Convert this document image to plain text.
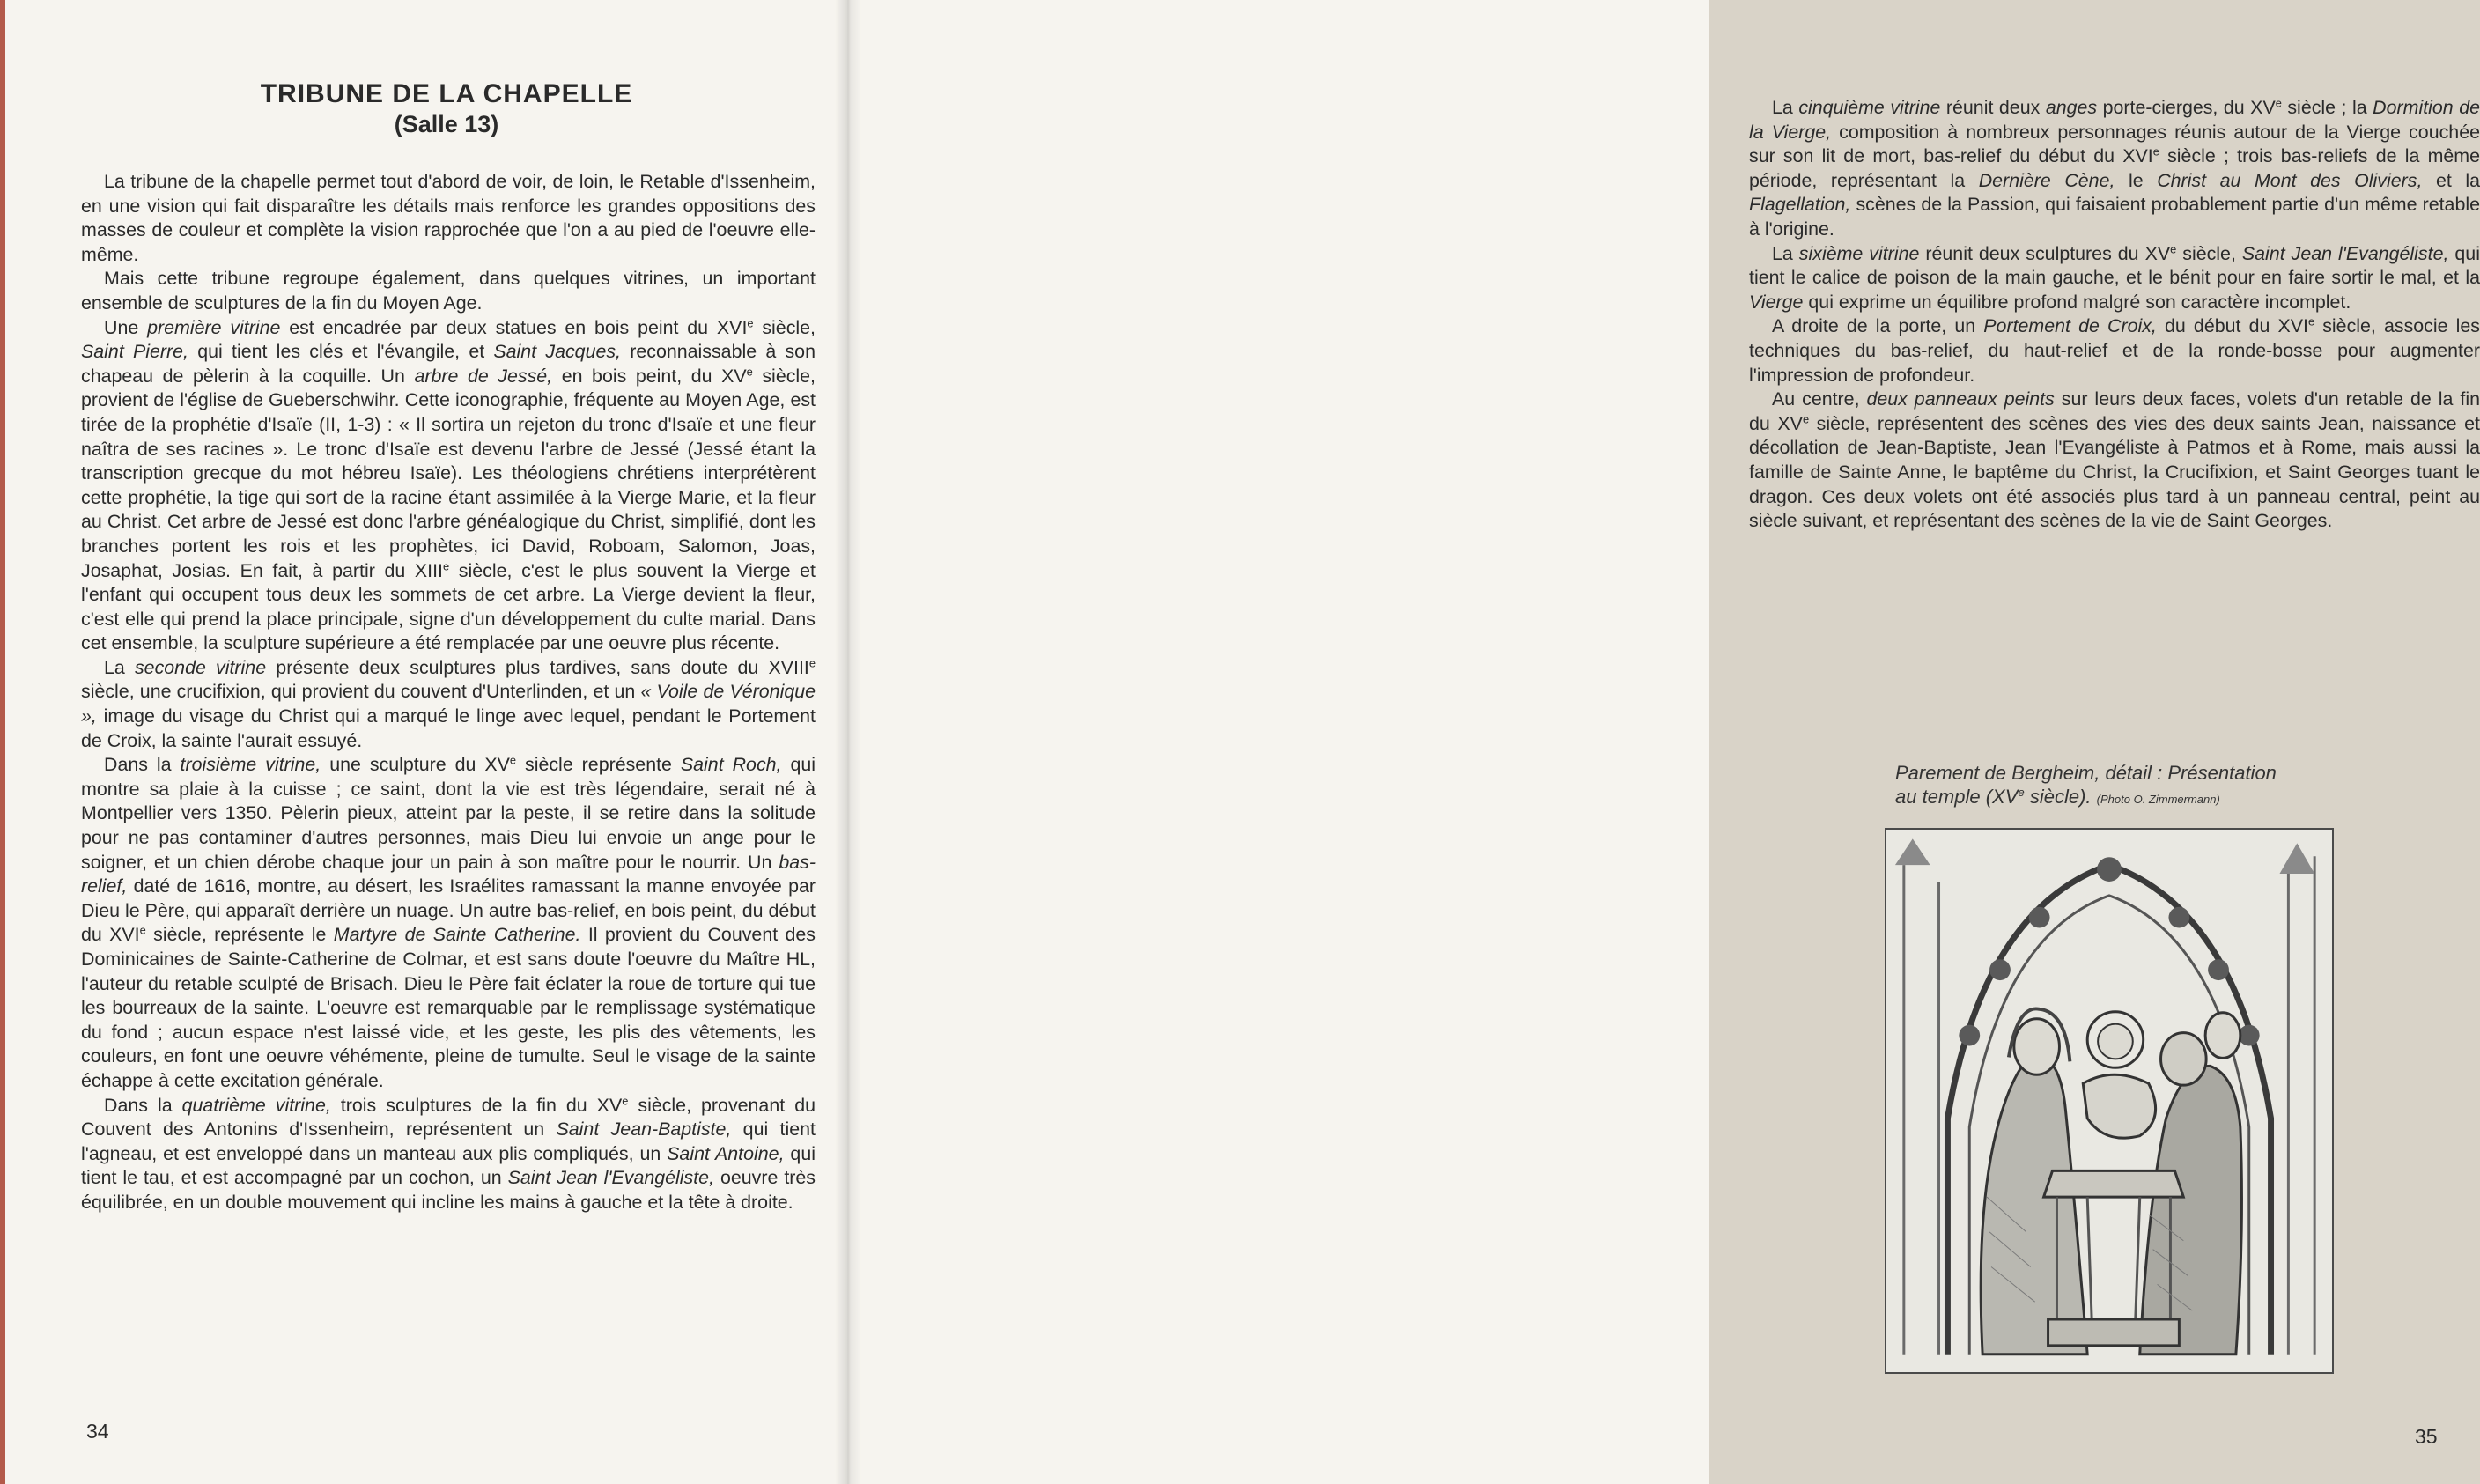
TRIBUNE DE LA CHAPELLE
(Salle 13)

La tribune de la chapelle permet tout d'abord de voir, de loin, le Retable d'Issenheim, en une vision qui fait disparaître les détails mais renforce les grandes oppositions des masses de couleur et complète la vision rapprochée que l'on a au pied de l'oeuvre elle-même.

Mais cette tribune regroupe également, dans quelques vitrines, un important ensemble de sculptures de la fin du Moyen Age.

Une première vitrine est encadrée par deux statues en bois peint du XVIe siècle, Saint Pierre, qui tient les clés et l'évangile, et Saint Jacques, reconnaissable à son chapeau de pèlerin à la coquille. Un arbre de Jessé, en bois peint, du XVe siècle, provient de l'église de Gueberschwihr. Cette iconographie, fréquente au Moyen Age, est tirée de la prophétie d'Isaïe (II, 1-3) : « Il sortira un rejeton du tronc d'Isaïe et une fleur naîtra de ses racines ». Le tronc d'Isaïe est devenu l'arbre de Jessé (Jessé étant la transcription grecque du mot hébreu Isaïe). Les théologiens chrétiens interprétèrent cette prophétie, la tige qui sort de la racine étant assimilée à la Vierge Marie, et la fleur au Christ. Cet arbre de Jessé est donc l'arbre généalogique du Christ, simplifié, dont les branches portent les rois et les prophètes, ici David, Roboam, Salomon, Joas, Josaphat, Josias. En fait, à partir du XIIIe siècle, c'est le plus souvent la Vierge et l'enfant qui occupent tous deux les sommets de cet arbre. La Vierge devient la fleur, c'est elle qui prend la place principale, signe d'un développement du culte marial. Dans cet ensemble, la sculpture supérieure a été remplacée par une oeuvre plus récente.

La seconde vitrine présente deux sculptures plus tardives, sans doute du XVIIIe siècle, une crucifixion, qui provient du couvent d'Unterlinden, et un « Voile de Véronique », image du visage du Christ qui a marqué le linge avec lequel, pendant le Portement de Croix, la sainte l'aurait essuyé.

Dans la troisième vitrine, une sculpture du XVe siècle représente Saint Roch, qui montre sa plaie à la cuisse ; ce saint, dont la vie est très légendaire, serait né à Montpellier vers 1350. Pèlerin pieux, atteint par la peste, il se retire dans la solitude pour ne pas contaminer d'autres personnes, mais Dieu lui envoie un ange pour le soigner, et un chien dérobe chaque jour un pain à son maître pour le nourrir. Un bas-relief, daté de 1616, montre, au désert, les Israélites ramassant la manne envoyée par Dieu le Père, qui apparaît derrière un nuage. Un autre bas-relief, en bois peint, du début du XVIe siècle, représente le Martyre de Sainte Catherine. Il provient du Couvent des Dominicaines de Sainte-Catherine de Colmar, et est sans doute l'oeuvre du Maître HL, l'auteur du retable sculpté de Brisach. Dieu le Père fait éclater la roue de torture qui tue les bourreaux de la sainte. L'oeuvre est remarquable par le remplissage systématique du fond ; aucun espace n'est laissé vide, et les geste, les plis des vêtements, les couleurs, en font une oeuvre véhémente, pleine de tumulte. Seul le visage de la sainte échappe à cette excitation générale.

Dans la quatrième vitrine, trois sculptures de la fin du XVe siècle, provenant du Couvent des Antonins d'Issenheim, représentent un Saint Jean-Baptiste, qui tient l'agneau, et est enveloppé dans un manteau aux plis compliqués, un Saint Antoine, qui tient le tau, et est accompagné par un cochon, un Saint Jean l'Evangéliste, oeuvre très équilibrée, en un double mouvement qui incline les mains à gauche et la tête à droite.

34

La cinquième vitrine réunit deux anges porte-cierges, du XVe siècle ; la Dormition de la Vierge, composition à nombreux personnages réunis autour de la Vierge couchée sur son lit de mort, bas-relief du début du XVIe siècle ; trois bas-reliefs de la même période, représentant la Dernière Cène, le Christ au Mont des Oliviers, et la Flagellation, scènes de la Passion, qui faisaient probablement partie d'un même retable à l'origine.

La sixième vitrine réunit deux sculptures du XVe siècle, Saint Jean l'Evangéliste, qui tient le calice de poison de la main gauche, et le bénit pour en faire sortir le mal, et la Vierge qui exprime un équilibre profond malgré son caractère incomplet.

A droite de la porte, un Portement de Croix, du début du XVIe siècle, associe les techniques du bas-relief, du haut-relief et de la ronde-bosse pour augmenter l'impression de profondeur.

Au centre, deux panneaux peints sur leurs deux faces, volets d'un retable de la fin du XVe siècle, représentent des scènes des vies des deux saints Jean, naissance et décollation de Jean-Baptiste, Jean l'Evangéliste à Patmos et à Rome, mais aussi la famille de Sainte Anne, le baptême du Christ, la Crucifixion, et Saint Georges tuant le dragon. Ces deux volets ont été associés plus tard à un panneau central, peint au siècle suivant, et représentant des scènes de la vie de Saint Georges.

Parement de Bergheim, détail : Présentation
au temple (XVe siècle). (Photo O. Zimmermann)
35
